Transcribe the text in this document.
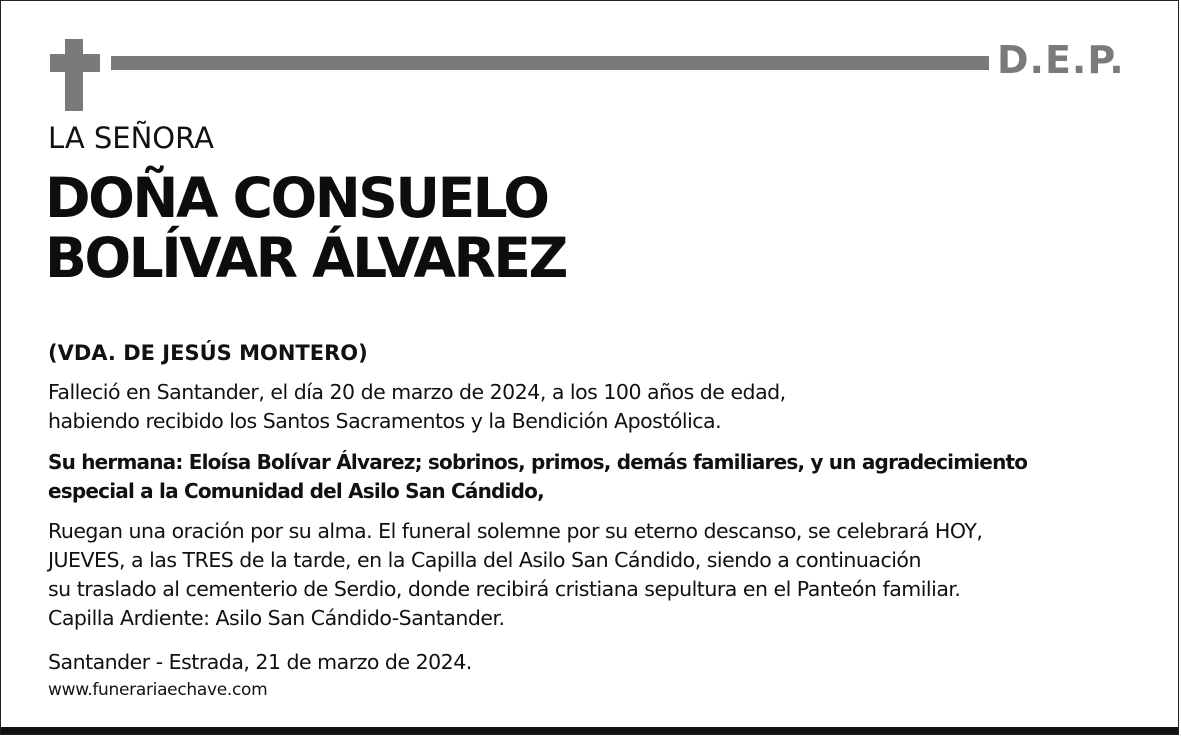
D.E.P.
LA SEÑORA
DOÑA CONSUELO
BOLÍVAR ÁLVAREZ
(VDA. DE JESÚS MONTERO)
Falleció en Santander, el día 20 de marzo de 2024, a los 100 años de edad,
habiendo recibido los Santos Sacramentos y la Bendición Apostólica.
Su hermana: Eloísa Bolívar Álvarez; sobrinos, primos, demás familiares, y un agradecimiento
especial a la Comunidad del Asilo San Cándido,
Ruegan una oración por su alma. El funeral solemne por su eterno descanso, se celebrará HOY,
JUEVES, a las TRES de la tarde, en la Capilla del Asilo San Cándido, siendo a continuación
su traslado al cementerio de Serdio, donde recibirá cristiana sepultura en el Panteón familiar.
Capilla Ardiente: Asilo San Cándido-Santander.
Santander - Estrada, 21 de marzo de 2024.
www.funerariaechave.com
